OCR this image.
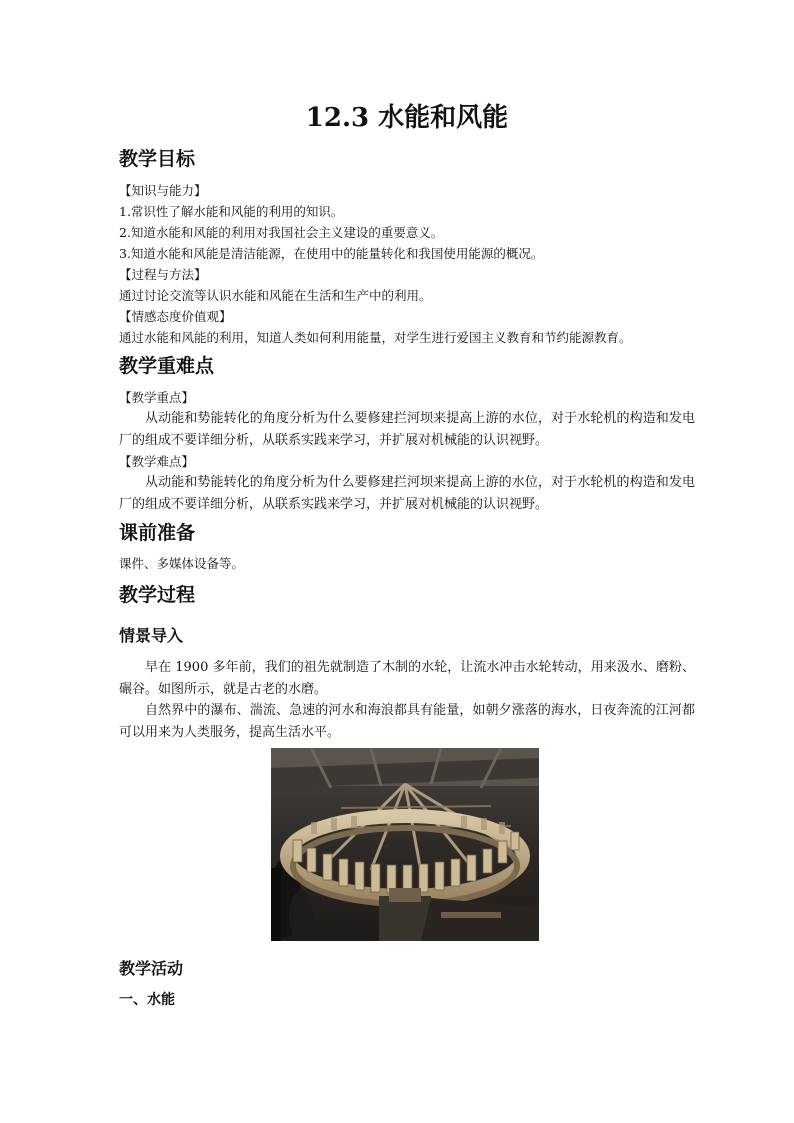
12.3 水能和风能
教学目标

【知识与能力】

1.常识性了解水能和风能的利用的知识。

2.知道水能和风能的利用对我国社会主义建设的重要意义。

3.知道水能和风能是清洁能源，在使用中的能量转化和我国使用能源的概况。

【过程与方法】

通过讨论交流等认识水能和风能在生活和生产中的利用。

【情感态度价值观】

通过水能和风能的利用，知道人类如何利用能量，对学生进行爱国主义教育和节约能源教育。

教学重难点

【教学重点】

从动能和势能转化的角度分析为什么要修建拦河坝来提高上游的水位，对于水轮机的构造和发电厂的组成不要详细分析，从联系实践来学习，并扩展对机械能的认识视野。

【教学难点】

从动能和势能转化的角度分析为什么要修建拦河坝来提高上游的水位，对于水轮机的构造和发电厂的组成不要详细分析，从联系实践来学习，并扩展对机械能的认识视野。

课前准备

课件、多媒体设备等。

教学过程
情景导入

早在 1900 多年前，我们的祖先就制造了木制的水轮，让流水冲击水轮转动，用来汲水、磨粉、碾谷。如图所示，就是古老的水磨。

自然界中的瀑布、湍流、急速的河水和海浪都具有能量，如朝夕涨落的海水，日夜奔流的江河都可以用来为人类服务，提高生活水平。

教学活动
一、水能
